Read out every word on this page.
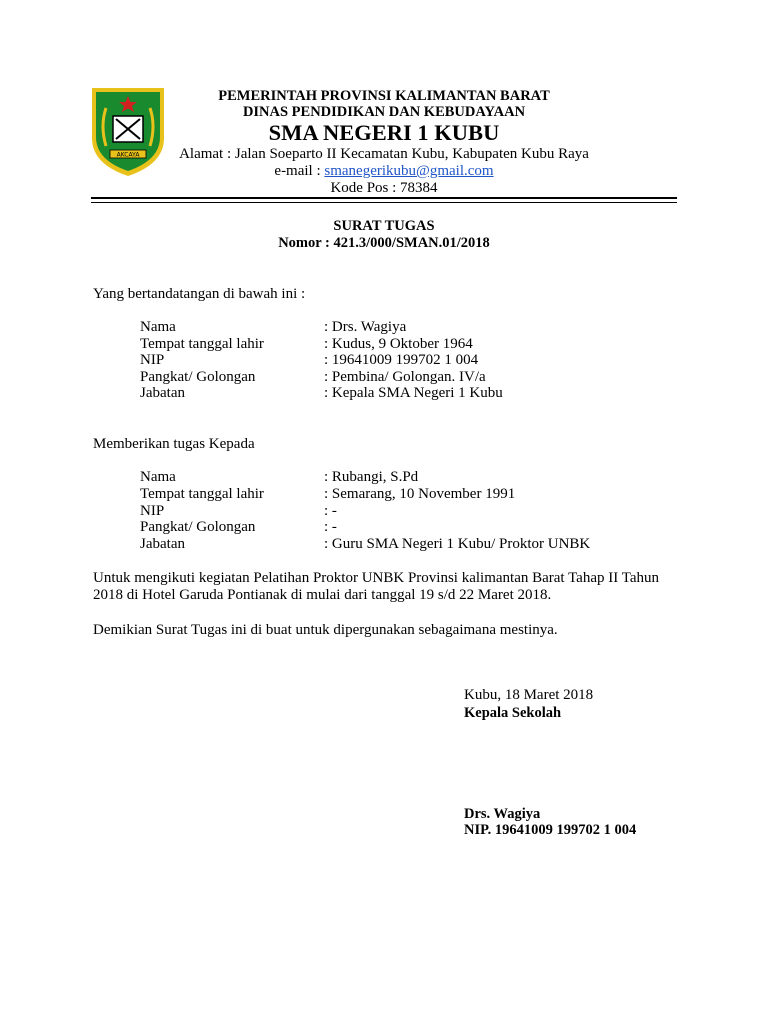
AKCAYA
PEMERINTAH PROVINSI KALIMANTAN BARAT
DINAS PENDIDIKAN DAN KEBUDAYAAN
SMA NEGERI 1 KUBU
Alamat : Jalan Soeparto II Kecamatan Kubu, Kabupaten Kubu Raya
e-mail : smanegerikubu@gmail.com
Kode Pos : 78384
SURAT TUGAS
Nomor : 421.3/000/SMAN.01/2018
Yang bertandatangan di bawah ini :
Nama	: Drs. Wagiya
Tempat tanggal lahir	: Kudus, 9 Oktober 1964
NIP	: 19641009 199702 1 004
Pangkat/ Golongan	: Pembina/ Golongan. IV/a
Jabatan	: Kepala SMA Negeri 1 Kubu
Memberikan tugas Kepada
Nama	: Rubangi, S.Pd
Tempat tanggal lahir	: Semarang, 10 November 1991
NIP	: -
Pangkat/ Golongan	: -
Jabatan	: Guru SMA Negeri 1 Kubu/ Proktor UNBK
Untuk mengikuti kegiatan Pelatihan Proktor UNBK Provinsi kalimantan Barat Tahap II Tahun
2018 di Hotel Garuda Pontianak di mulai dari tanggal 19 s/d 22 Maret 2018.
Demikian Surat Tugas ini di buat untuk dipergunakan sebagaimana mestinya.
Kubu, 18 Maret 2018
Kepala Sekolah
Drs. Wagiya
NIP. 19641009 199702 1 004
